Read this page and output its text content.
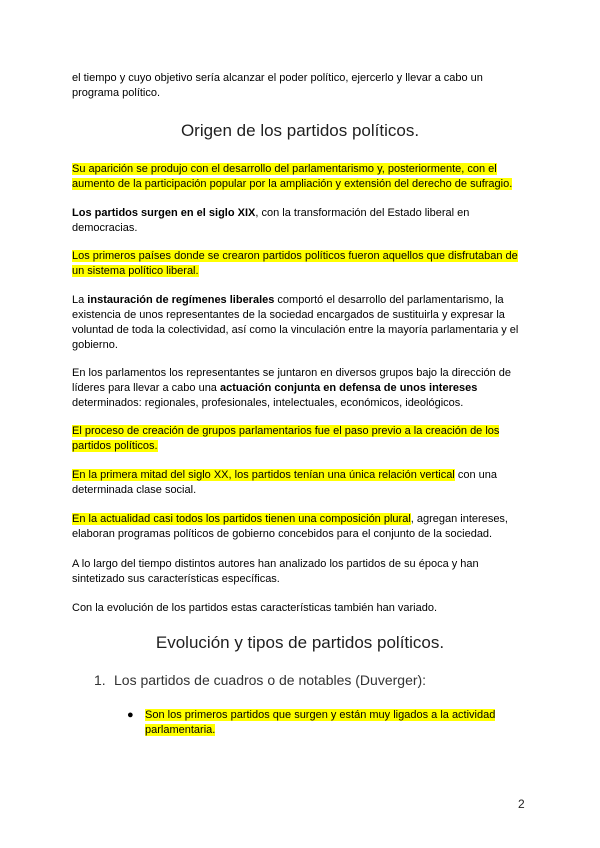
el tiempo y cuyo objetivo sería alcanzar el poder político, ejercerlo y llevar a cabo un programa político.

Origen de los partidos políticos.

Su aparición se produjo con el desarrollo del parlamentarismo y, posteriormente, con el aumento de la participación popular por la ampliación y extensión del derecho de sufragio.

Los partidos surgen en el siglo XIX, con la transformación del Estado liberal en democracias.

Los primeros países donde se crearon partidos políticos fueron aquellos que disfrutaban de un sistema político liberal.

La instauración de regímenes liberales comportó el desarrollo del parlamentarismo, la existencia de unos representantes de la sociedad encargados de sustituirla y expresar la voluntad de toda la colectividad, así como la vinculación entre la mayoría parlamentaria y el gobierno.

En los parlamentos los representantes se juntaron en diversos grupos bajo la dirección de líderes para llevar a cabo una actuación conjunta en defensa de unos intereses determinados: regionales, profesionales, intelectuales, económicos, ideológicos.

El proceso de creación de grupos parlamentarios fue el paso previo a la creación de los partidos políticos.

En la primera mitad del siglo XX, los partidos tenían una única relación vertical con una determinada clase social.

En la actualidad casi todos los partidos tienen una composición plural, agregan intereses, elaboran programas políticos de gobierno concebidos para el conjunto de la sociedad.

A lo largo del tiempo distintos autores han analizado los partidos de su época y han sintetizado sus características específicas.

Con la evolución de los partidos estas características también han variado.

Evolución y tipos de partidos políticos.
1. Los partidos de cuadros o de notables (Duverger):
● Son los primeros partidos que surgen y están muy ligados a la actividad parlamentaria.

2
